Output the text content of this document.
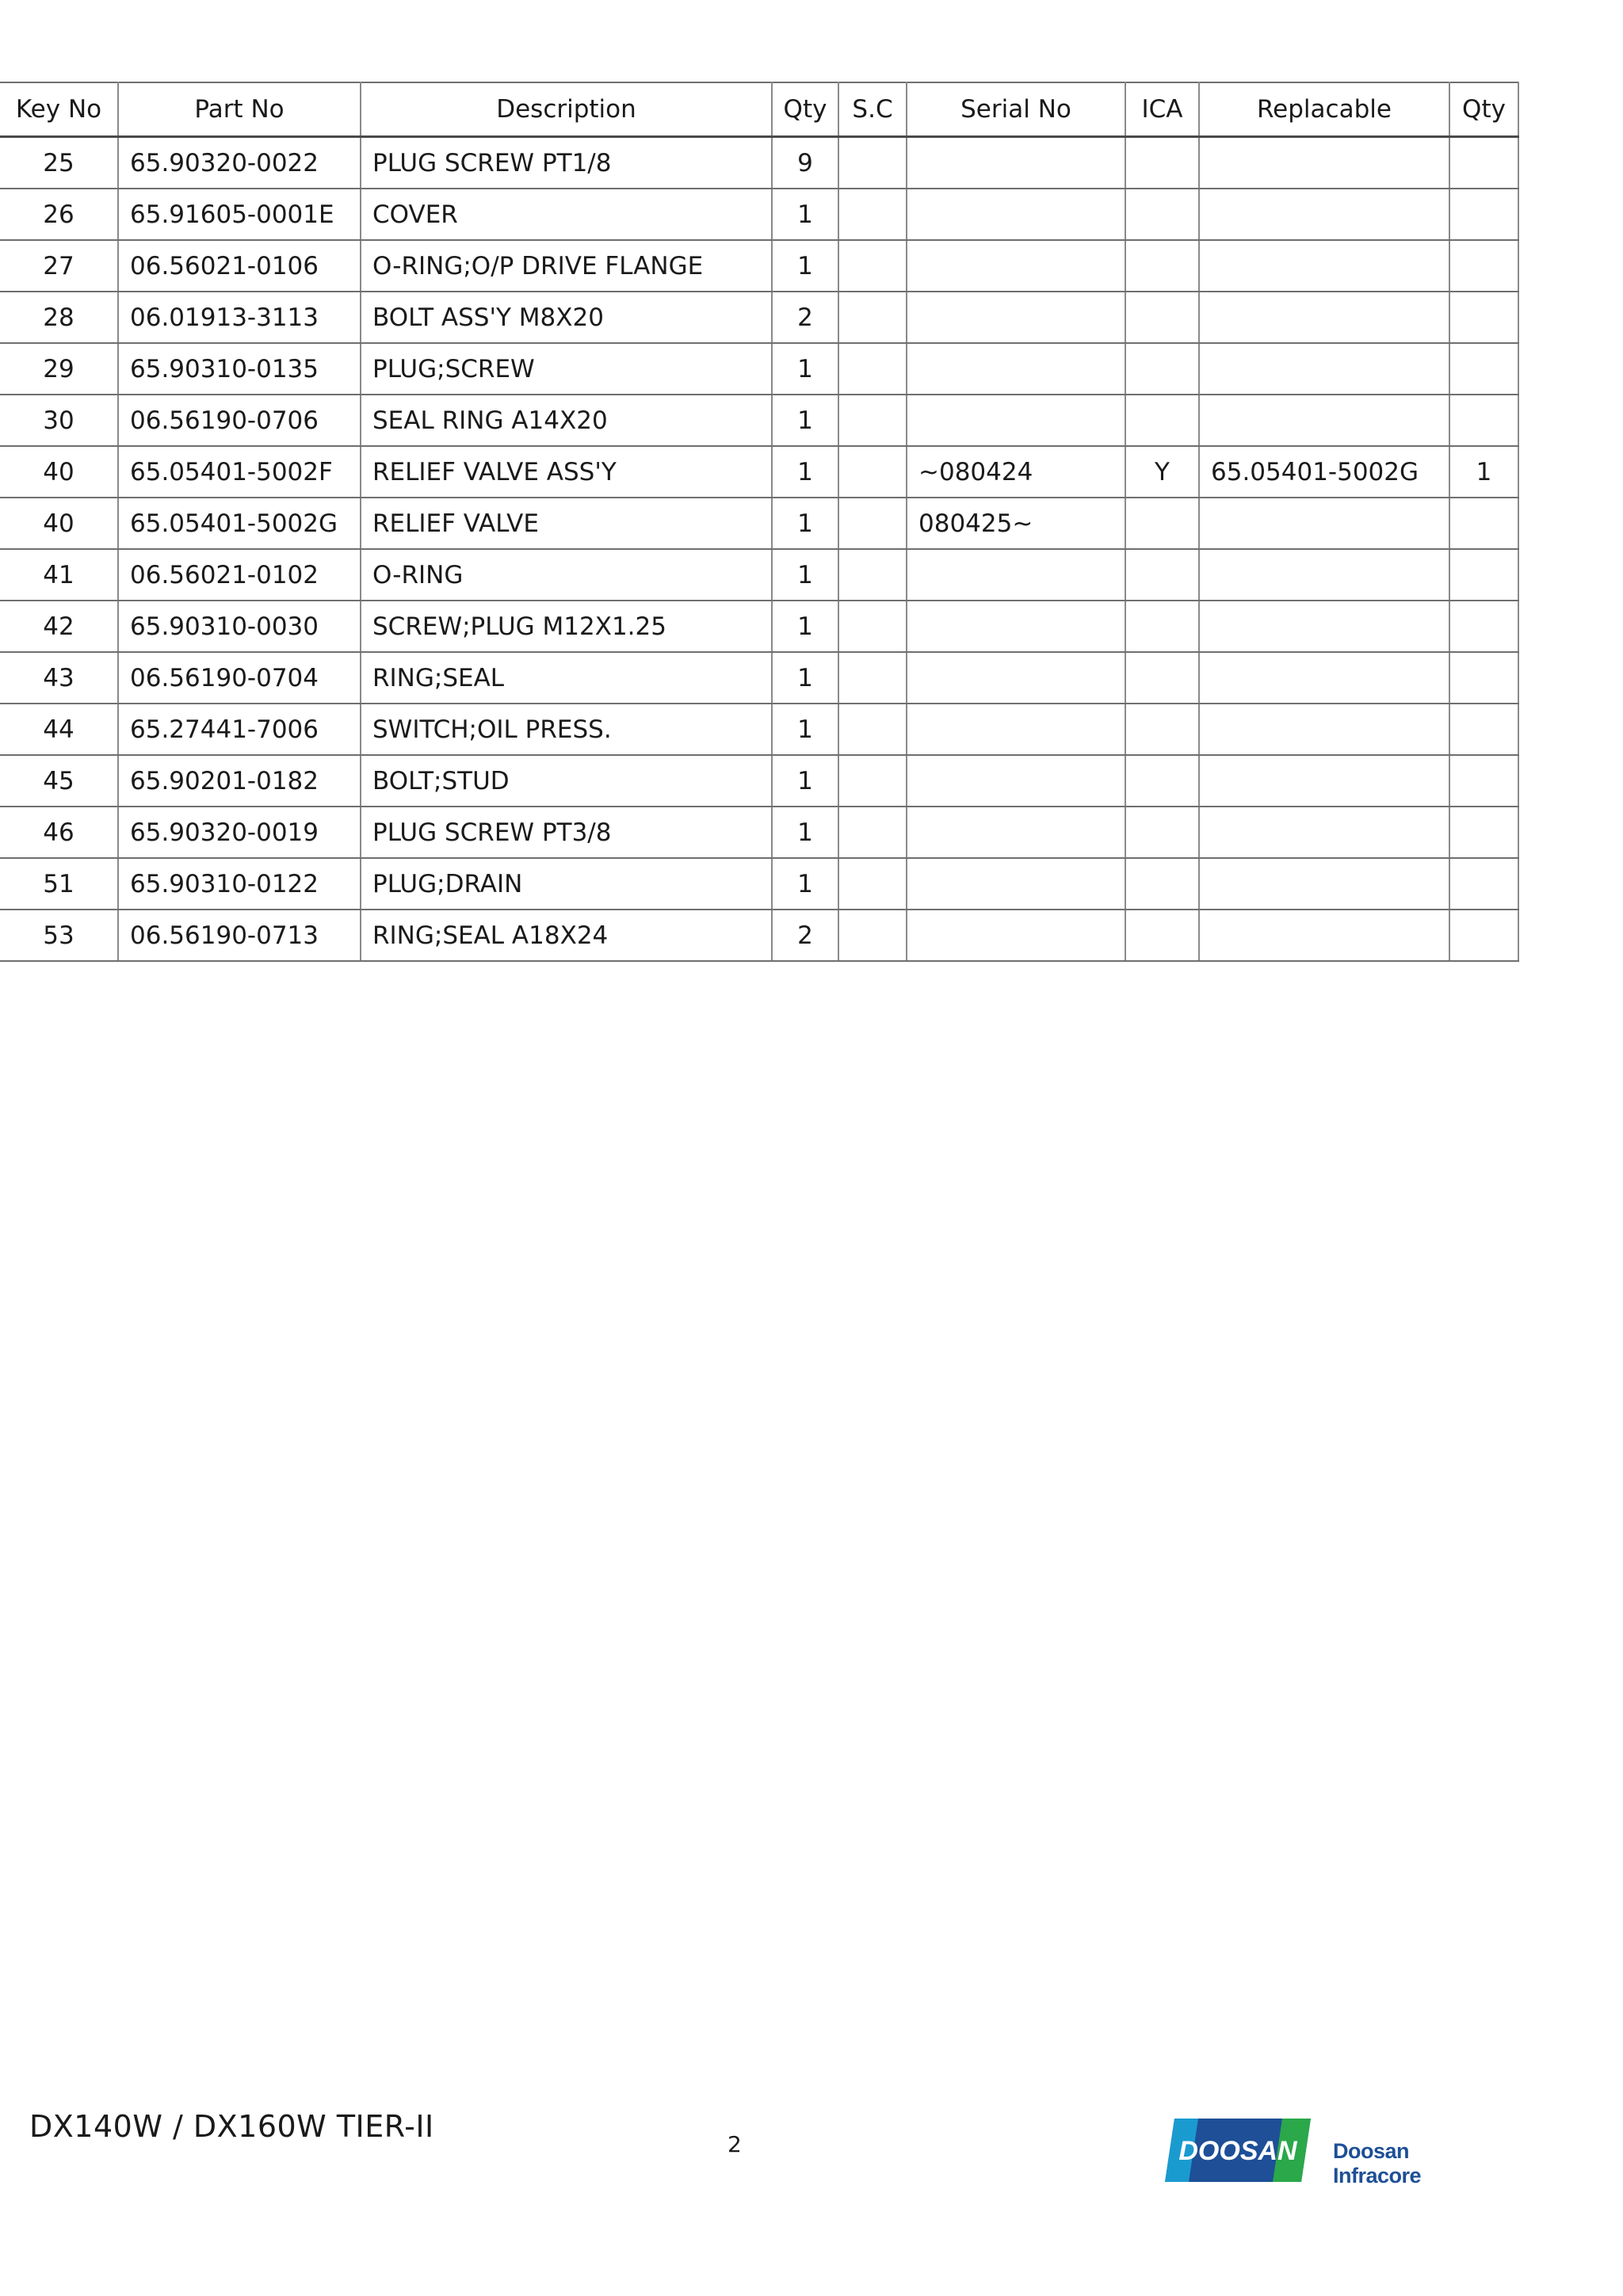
Key No	Part No	Description	Qty	S.C	Serial No	ICA	Replacable	Qty
25	65.90320-0022	PLUG SCREW PT1/8	9					
26	65.91605-0001E	COVER	1					
27	06.56021-0106	O-RING;O/P DRIVE FLANGE	1					
28	06.01913-3113	BOLT ASS'Y M8X20	2					
29	65.90310-0135	PLUG;SCREW	1					
30	06.56190-0706	SEAL RING A14X20	1					
40	65.05401-5002F	RELIEF VALVE ASS'Y	1		~080424	Y	65.05401-5002G	1
40	65.05401-5002G	RELIEF VALVE	1		080425~			
41	06.56021-0102	O-RING	1					
42	65.90310-0030	SCREW;PLUG M12X1.25	1					
43	06.56190-0704	RING;SEAL	1					
44	65.27441-7006	SWITCH;OIL PRESS.	1					
45	65.90201-0182	BOLT;STUD	1					
46	65.90320-0019	PLUG SCREW PT3/8	1					
51	65.90310-0122	PLUG;DRAIN	1					
53	06.56190-0713	RING;SEAL A18X24	2					
DX140W / DX160W TIER-II
2	DOOSAN Doosan Infracore
